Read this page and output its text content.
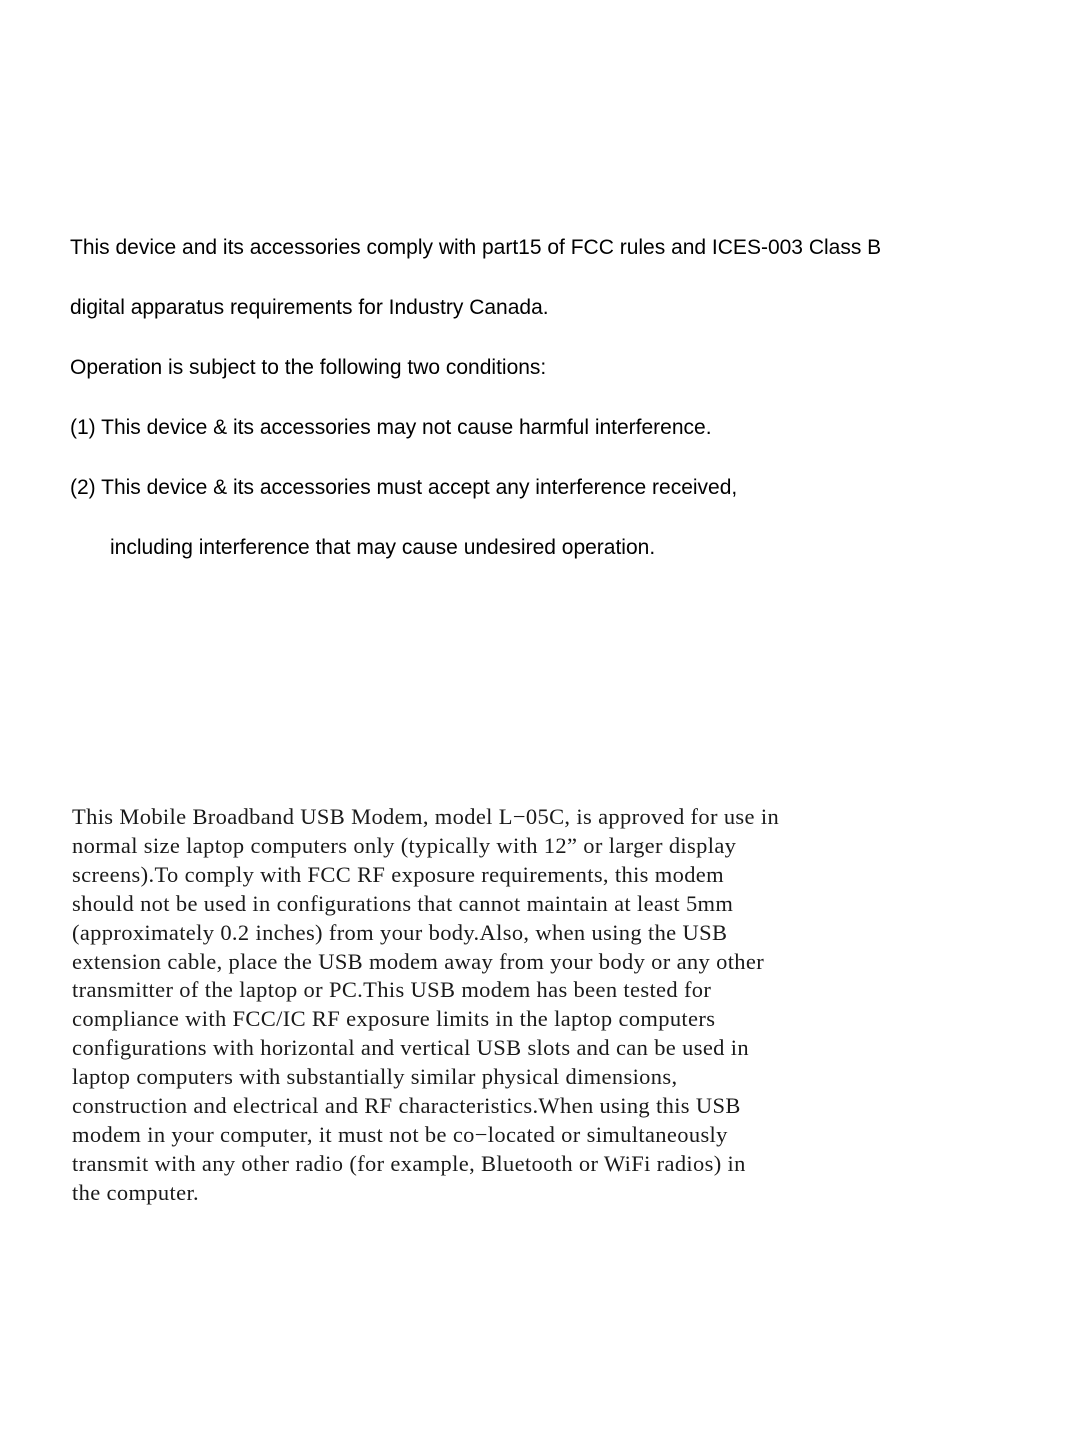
This device and its accessories comply with part15 of FCC rules and ICES-003 Class B

digital apparatus requirements for Industry Canada.

Operation is subject to the following two conditions:

(1) This device & its accessories may not cause harmful interference.

(2) This device & its accessories must accept any interference received,

including interference that may cause undesired operation.

This Mobile Broadband USB Modem, model L−05C, is approved for use in

normal size laptop computers only (typically with 12” or larger display

screens).To comply with FCC RF exposure requirements, this modem

should not be used in configurations that cannot maintain at least 5mm

(approximately 0.2 inches) from your body.Also, when using the USB

extension cable, place the USB modem away from your body or any other

transmitter of the laptop or PC.This USB modem has been tested for

compliance with FCC/IC RF exposure limits in the laptop computers

configurations with horizontal and vertical USB slots and can be used in

laptop computers with substantially similar physical dimensions,

construction and electrical and RF characteristics.When using this USB

modem in your computer, it must not be co−located or simultaneously

transmit with any other radio (for example, Bluetooth or WiFi radios) in

the computer.
